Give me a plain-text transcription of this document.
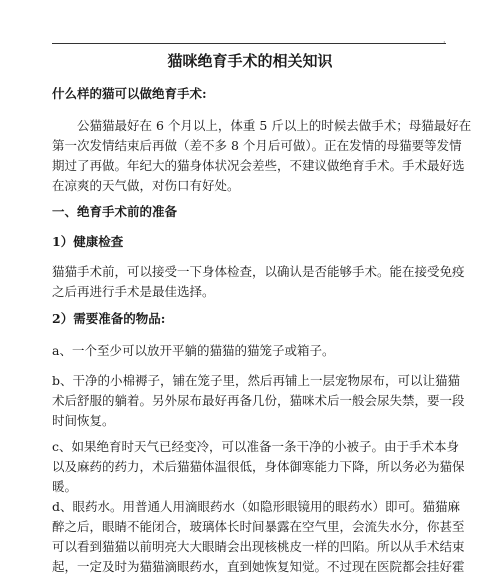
·
猫咪绝育手术的相关知识
什么样的猫可以做绝育手术:
公猫猫最好在 6 个月以上，体重 5 斤以上的时候去做手术；母猫最好在
第一次发情结束后再做（差不多 8 个月后可做）。正在发情的母猫要等发情
期过了再做。年纪大的猫身体状况会差些，不建议做绝育手术。手术最好选
在凉爽的天气做，对伤口有好处。
一、绝育手术前的准备
1）健康检查
猫猫手术前，可以接受一下身体检查，以确认是否能够手术。能在接受免疫
之后再进行手术是最佳选择。
2）需要准备的物品:
a、一个至少可以放开平躺的猫猫的猫笼子或箱子。
b、干净的小棉褥子，铺在笼子里，然后再铺上一层宠物尿布，可以让猫猫
术后舒服的躺着。另外尿布最好再备几份，猫咪术后一般会尿失禁，要一段
时间恢复。
c、如果绝育时天气已经变冷，可以准备一条干净的小被子。由于手术本身
以及麻药的药力，术后猫猫体温很低，身体御寒能力下降，所以务必为猫保
暖。
d、眼药水。用普通人用滴眼药水（如隐形眼镜用的眼药水）即可。猫猫麻
醉之后，眼睛不能闭合，玻璃体长时间暴露在空气里，会流失水分，你甚至
可以看到猫猫以前明亮大大眼睛会出现核桃皮一样的凹陷。所以从手术结束
起，一定及时为猫猫滴眼药水，直到她恢复知觉。不过现在医院都会挂好霍
